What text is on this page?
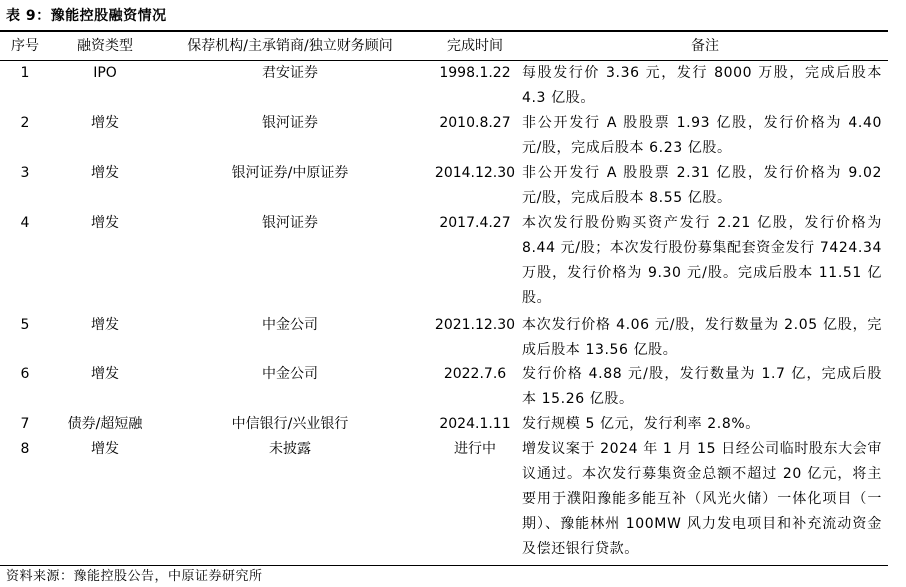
表 9：豫能控股融资情况
序号	融资类型	保荐机构/主承销商/独立财务顾问	完成时间	备注
1	IPO	君安证券	1998.1.22 每股发行价 3.36 元，发行 8000 万股，完成后股本 4.3 亿股。
2	增发	银河证券	2010.8.27 非公开发行 A 股股票 1.93 亿股，发行价格为 4.40 元/股，完成后股本 6.23 亿股。
3	增发	银河证券/中原证券	2014.12.30 非公开发行 A 股股票 2.31 亿股，发行价格为 9.02 元/股，完成后股本 8.55 亿股。
4	增发	银河证券	2017.4.27 本次发行股份购买资产发行 2.21 亿股，发行价格为 8.44 元/股；本次发行股份募集配套资金发行 7424.34 万股，发行价格为 9.30 元/股。完成后股本 11.51 亿股。
5	增发	中金公司	2021.12.30 本次发行价格 4.06 元/股，发行数量为 2.05 亿股，完成后股本 13.56 亿股。
6	增发	中金公司	2022.7.6	发行价格 4.88 元/股，发行数量为 1.7 亿，完成后股本 15.26 亿股。
7	债券/超短融	中信银行/兴业银行	2024.1.11 发行规模 5 亿元，发行利率 2.8%。
8	增发	未披露	进行中	增发议案于 2024 年 1 月 15 日经公司临时股东大会审议通过。本次发行募集资金总额不超过 20 亿元，将主要用于濮阳豫能多能互补（风光火储）一体化项目（一期）、豫能林州 100MW 风力发电项目和补充流动资金及偿还银行贷款。
资料来源：豫能控股公告，中原证券研究所
